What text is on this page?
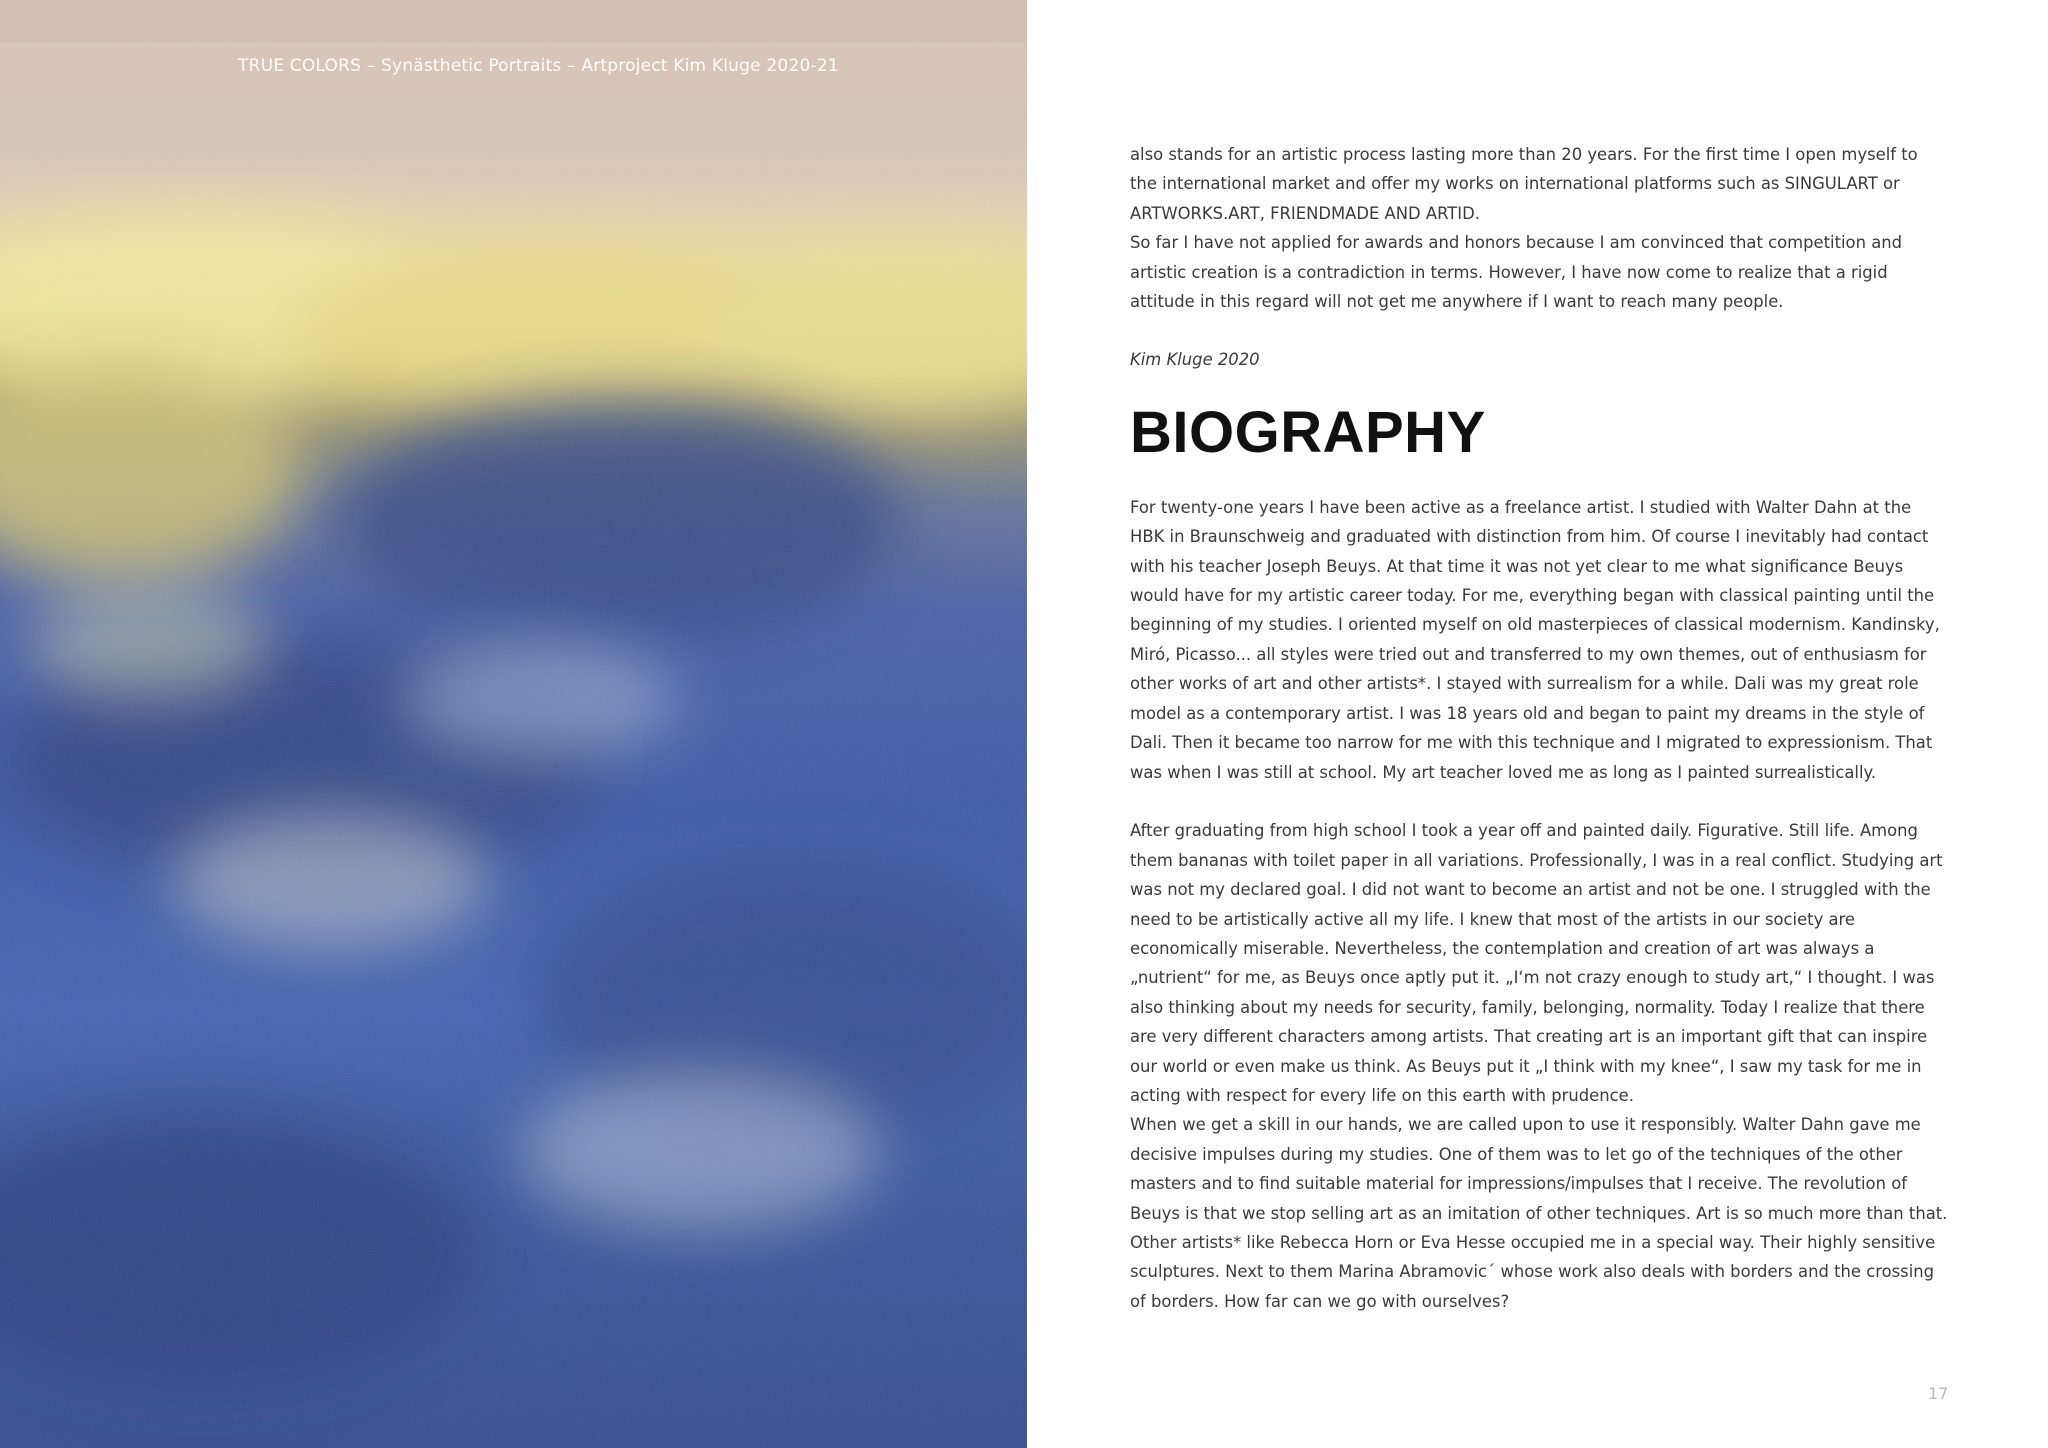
TRUE COLORS – Synästhetic Portraits – Artproject Kim Kluge 2020-21

also stands for an artistic process lasting more than 20 years. For the first time I open myself to the international market and offer my works on international platforms such as SINGULART or ARTWORKS.ART, FRIENDMADE AND ARTID.

So far I have not applied for awards and honors because I am convinced that competition and artistic creation is a contradiction in terms. However, I have now come to realize that a rigid attitude in this regard will not get me anywhere if I want to reach many people.

Kim Kluge 2020

BIOGRAPHY

For twenty-one years I have been active as a freelance artist. I studied with Walter Dahn at the HBK in Braunschweig and graduated with distinction from him. Of course I inevitably had contact with his teacher Joseph Beuys. At that time it was not yet clear to me what significance Beuys would have for my artistic career today. For me, everything began with classical painting until the beginning of my studies. I oriented myself on old masterpieces of classical modernism. Kandinsky, Miró, Picasso... all styles were tried out and transferred to my own themes, out of enthusiasm for other works of art and other artists*. I stayed with surrealism for a while. Dali was my great role model as a contemporary artist. I was 18 years old and began to paint my dreams in the style of Dali. Then it became too narrow for me with this technique and I migrated to expressionism. That was when I was still at school. My art teacher loved me as long as I painted surrealistically.

After graduating from high school I took a year off and painted daily. Figurative. Still life. Among them bananas with toilet paper in all variations. Professionally, I was in a real conflict. Studying art was not my declared goal. I did not want to become an artist and not be one. I struggled with the need to be artistically active all my life. I knew that most of the artists in our society are economically miserable. Nevertheless, the contemplation and creation of art was always a „nutrient“ for me, as Beuys once aptly put it. „I‘m not crazy enough to study art,“ I thought. I was also thinking about my needs for security, family, belonging, normality. Today I realize that there are very different characters among artists. That creating art is an important gift that can inspire our world or even make us think. As Beuys put it „I think with my knee“, I saw my task for me in acting with respect for every life on this earth with prudence.

When we get a skill in our hands, we are called upon to use it responsibly. Walter Dahn gave me decisive impulses during my studies. One of them was to let go of the techniques of the other masters and to find suitable material for impressions/impulses that I receive. The revolution of Beuys is that we stop selling art as an imitation of other techniques. Art is so much more than that. Other artists* like Rebecca Horn or Eva Hesse occupied me in a special way. Their highly sensitive sculptures. Next to them Marina Abramovic´ whose work also deals with borders and the crossing of borders. How far can we go with ourselves?

17
